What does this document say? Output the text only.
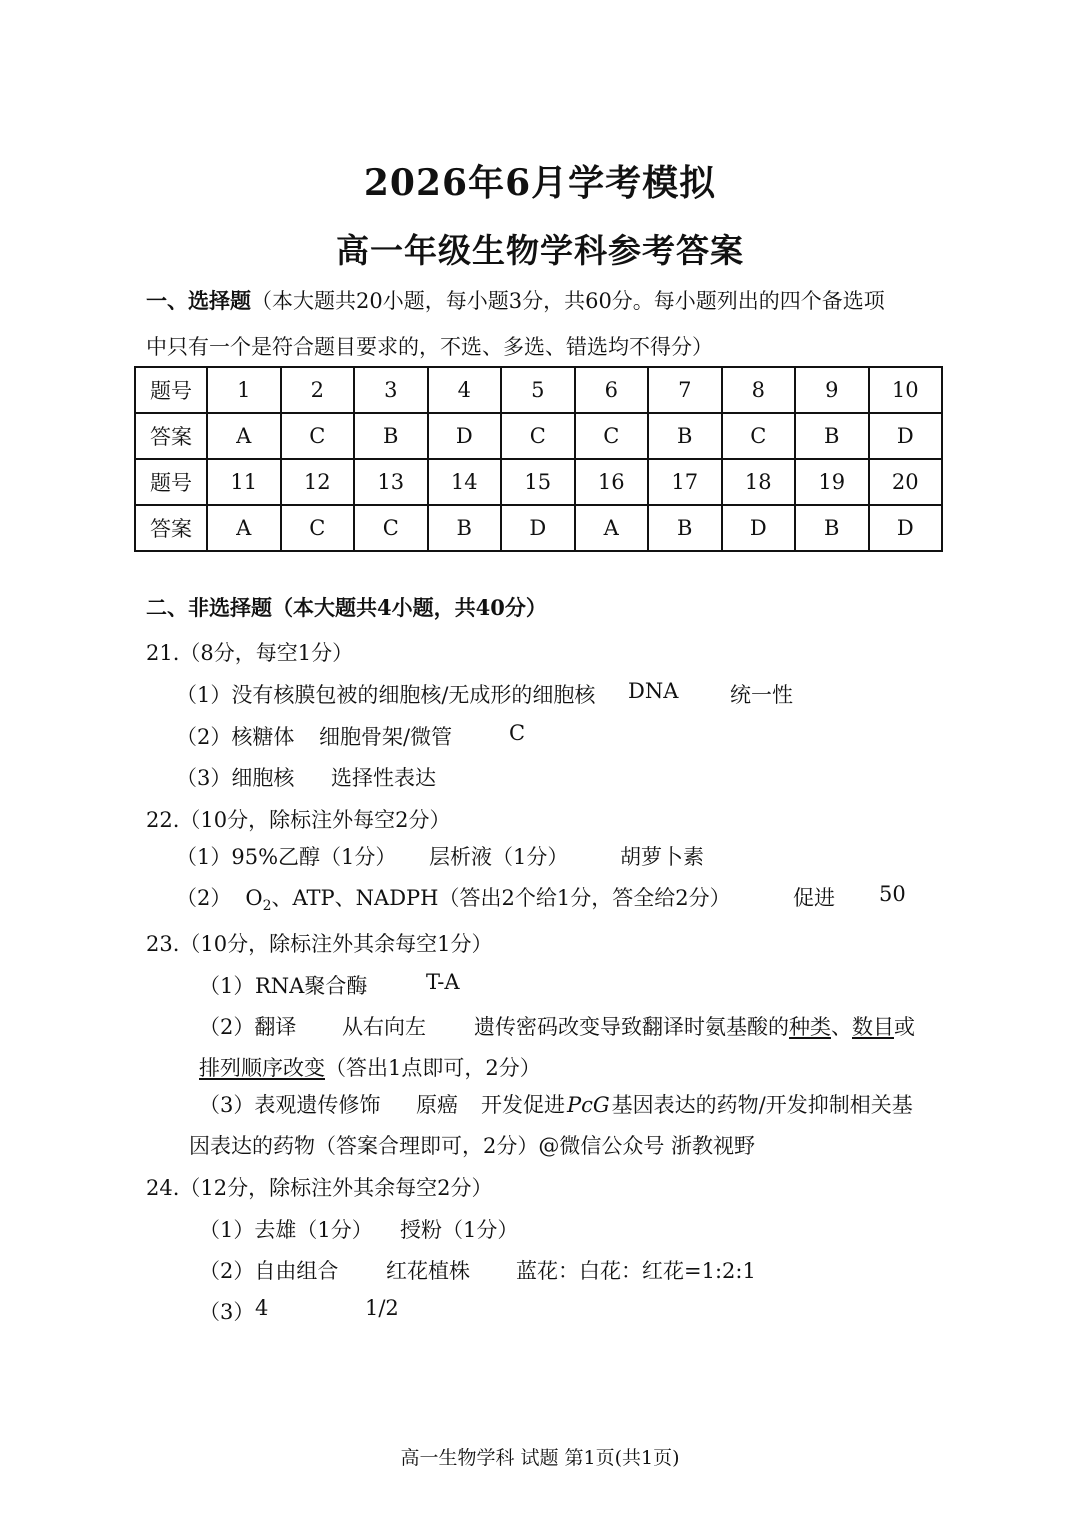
2026年6月学考模拟
高一年级生物学科参考答案
一、选择题（本大题共20小题，每小题3分，共60分。每小题列出的四个备选项
中只有一个是符合题目要求的，不选、多选、错选均不得分）
题号	1	2	3	4	5	6	7	8	9	10
答案	A	C	B	D	C	C	B	C	B	D
题号	11	12	13	14	15	16	17	18	19	20
答案	A	C	C	B	D	A	B	D	B	D
二、非选择题（本大题共4小题，共40分）
21.（8分，每空1分）
（1）没有核膜包被的细胞核/无成形的细胞核 DNA 统一性
（2）核糖体 细胞骨架/微管	C
（3）细胞核 选择性表达
22.（10分，除标注外每空2分）
（1）95%乙醇（1分） 层析液（1分） 胡萝卜素
（2） $O_2$、ATP、NADPH（答出2个给1分，答全给2分）	促进 50
23.（10分，除标注外其余每空1分）
（1） RNA聚合酶	T-A
（2）翻译 从右向左 遗传密码改变导致翻译时氨基酸的种类、数目或
排列顺序改变（答出1点即可，2分）
（3）表观遗传修饰 原癌 开发促进PcG基因表达的药物/开发抑制相关基
因表达的药物（答案合理即可，2分）@微信公众号 浙教视野
24.（12分，除标注外其余每空2分）
（1）去雄（1分） 授粉（1分）
（2）自由组合 红花植株 蓝花：白花：红花=1:2:1
（3） 4	1/2
高一生物学科 试题 第1页(共1页)
